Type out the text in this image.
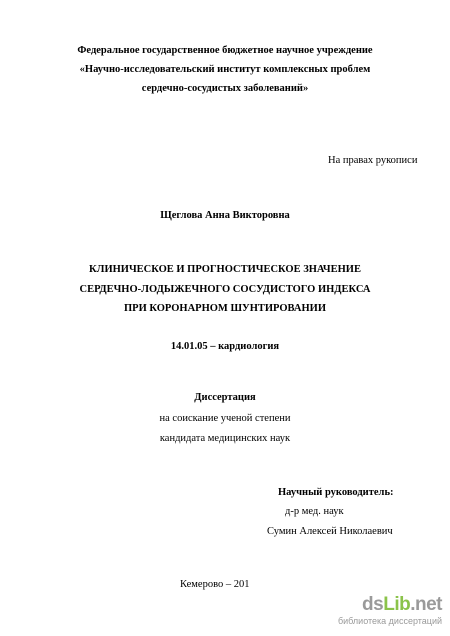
Федеральное государственное бюджетное научное учреждение
«Научно-исследовательский институт комплексных проблем
сердечно-сосудистых заболеваний»
На правах рукописи
Щеглова Анна Викторовна
КЛИНИЧЕСКОЕ И ПРОГНОСТИЧЕСКОЕ ЗНАЧЕНИЕ
СЕРДЕЧНО-ЛОДЫЖЕЧНОГО СОСУДИСТОГО ИНДЕКСА
ПРИ КОРОНАРНОМ ШУНТИРОВАНИИ
14.01.05 – кардиология
Диссертация
на соискание ученой степени
кандидата медицинских наук
Научный руководитель:
д-р мед. наук
Сумин Алексей Николаевич
Кемерово – 201
dsLib.net
библиотека диссертаций
